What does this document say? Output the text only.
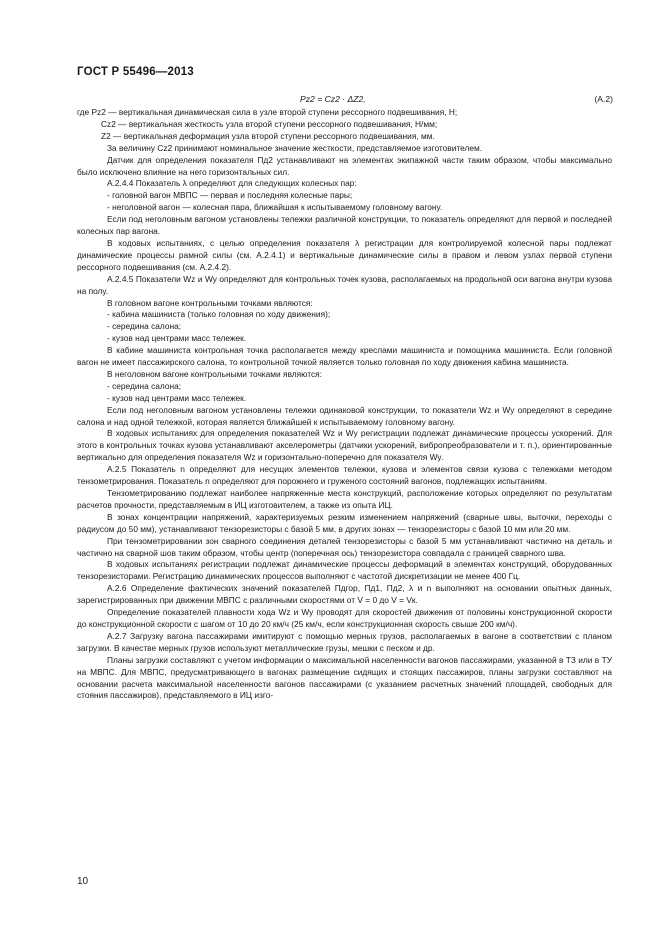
ГОСТ Р 55496—2013
Pz2 = Cz2 · ΔZ2,	(А.2)

где Pz2 — вертикальная динамическая сила в узле второй ступени рессорного подвешивания, Н;

Cz2 — вертикальная жесткость узла второй ступени рессорного подвешивания, Н/мм;

Z2 — вертикальная деформация узла второй ступени рессорного подвешивания, мм.

За величину Cz2 принимают номинальное значение жесткости, представляемое изготовителем.

Датчик для определения показателя Пд2 устанавливают на элементах экипажной части таким образом, чтобы максимально было исключено влияние на него горизонтальных сил.

А.2.4.4 Показатель λ определяют для следующих колесных пар:

- головной вагон МВПС — первая и последняя колесные пары;

- неголовной вагон — колесная пара, ближайшая к испытываемому головному вагону.

Если под неголовным вагоном установлены тележки различной конструкции, то показатель определяют для первой и последней колесных пар вагона.

В ходовых испытаниях, с целью определения показателя λ регистрации для контролируемой колесной пары подлежат динамические процессы рамной силы (см. А.2.4.1) и вертикальные динамические силы в правом и левом узлах первой ступени рессорного подвешивания (см. А.2.4.2).

А.2.4.5 Показатели Wz и Wy определяют для контрольных точек кузова, располагаемых на продольной оси вагона внутри кузова на полу.

В головном вагоне контрольными точками являются:

- кабина машиниста (только головная по ходу движения);

- середина салона;

- кузов над центрами масс тележек.

В кабине машиниста контрольная точка располагается между креслами машиниста и помощника машиниста. Если головной вагон не имеет пассажирского салона, то контрольной точкой является только головная по ходу движения кабина машиниста.

В неголовном вагоне контрольными точками являются:

- середина салона;

- кузов над центрами масс тележек.

Если под неголовным вагоном установлены тележки одинаковой конструкции, то показатели Wz и Wy определяют в середине салона и над одной тележкой, которая является ближайшей к испытываемому головному вагону.

В ходовых испытаниях для определения показателей Wz и Wy регистрации подлежат динамические процессы ускорений. Для этого в контрольных точках кузова устанавливают акселерометры (датчики ускорений, вибропреобразователи и т. п.), ориентированные вертикально для определения показателя Wz и горизонтально-поперечно для показателя Wy.

А.2.5 Показатель n определяют для несущих элементов тележки, кузова и элементов связи кузова с тележками методом тензометрирования. Показатель n определяют для порожнего и груженого состояний вагонов, подлежащих испытаниям.

Тензометрированию подлежат наиболее напряженные места конструкций, расположение которых определяют по результатам расчетов прочности, представляемым в ИЦ изготовителем, а также из опыта ИЦ.

В зонах концентрации напряжений, характеризуемых резким изменением напряжений (сварные швы, выточки, переходы с радиусом до 50 мм), устанавливают тензорезисторы с базой 5 мм, в других зонах — тензорезисторы с базой 10 мм или 20 мм.

При тензометрировании зон сварного соединения деталей тензорезисторы с базой 5 мм устанавливают частично на деталь и частично на сварной шов таким образом, чтобы центр (поперечная ось) тензорезистора совпадала с границей сварного шва.

В ходовых испытаниях регистрации подлежат динамические процессы деформаций в элементах конструкций, оборудованных тензорезисторами. Регистрацию динамических процессов выполняют с частотой дискретизации не менее 400 Гц.

А.2.6 Определение фактических значений показателей Пдгор, Пд1, Пд2, λ и n выполняют на основании опытных данных, зарегистрированных при движении МВПС с различными скоростями от V = 0 до V = Vк.

Определение показателей плавности хода Wz и Wy проводят для скоростей движения от половины конструкционной скорости до конструкционной скорости с шагом от 10 до 20 км/ч (25 км/ч, если конструкционная скорость свыше 200 км/ч).

А.2.7 Загрузку вагона пассажирами имитируют с помощью мерных грузов, располагаемых в вагоне в соответствии с планом загрузки. В качестве мерных грузов используют металлические грузы, мешки с песком и др.

Планы загрузки составляют с учетом информации о максимальной населенности вагонов пассажирами, указанной в ТЗ или в ТУ на МВПС. Для МВПС, предусматривающего в вагонах размещение сидящих и стоящих пассажиров, планы загрузки составляют на основании расчета максимальной населенности вагонов пассажирами (с указанием расчетных значений площадей, свободных для стояния пассажиров), представляемого в ИЦ изго-

10
